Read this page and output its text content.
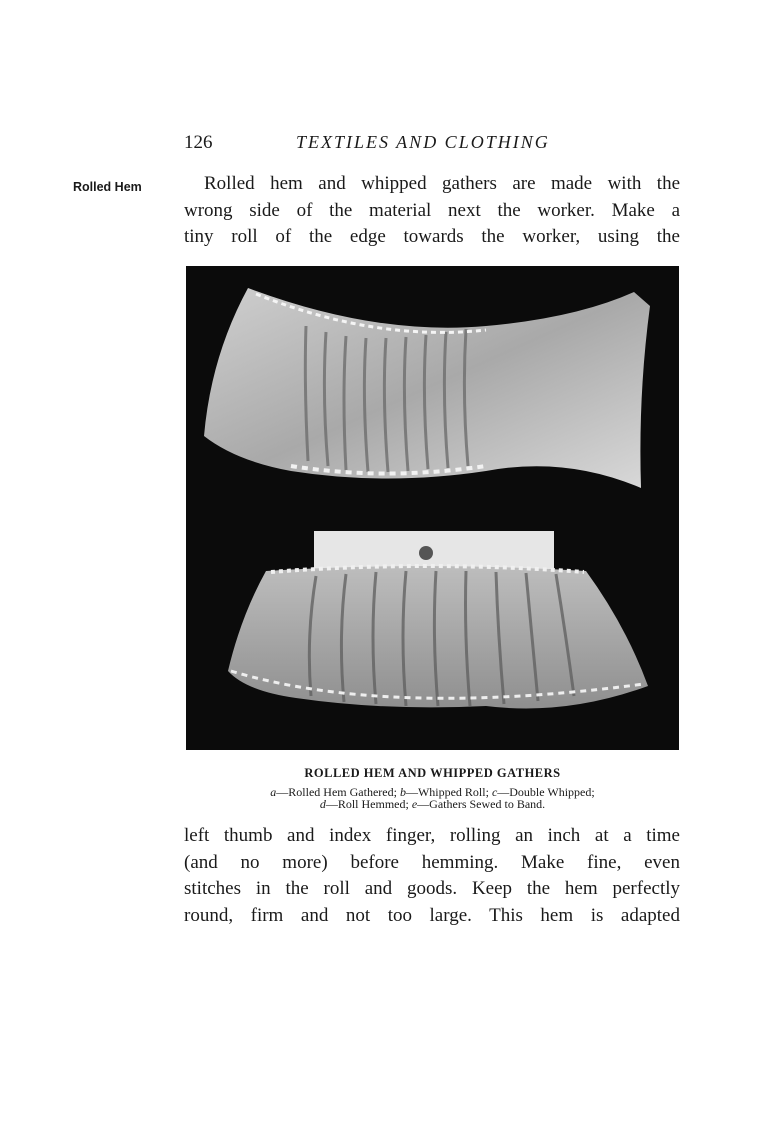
126	TEXTILES AND CLOTHING
Rolled Hem	Rolled hem and whipped gathers are made with the
wrong side of the material next the worker. Make a
tiny roll of the edge towards the worker, using the
ROLLED HEM AND WHIPPED GATHERS
a—Rolled Hem Gathered; b—Whipped Roll; c—Double Whipped;
d—Roll Hemmed; e—Gathers Sewed to Band.
left thumb and index finger, rolling an inch at a time
(and no more) before hemming. Make fine, even
stitches in the roll and goods. Keep the hem perfectly
round, firm and not too large. This hem is adapted
